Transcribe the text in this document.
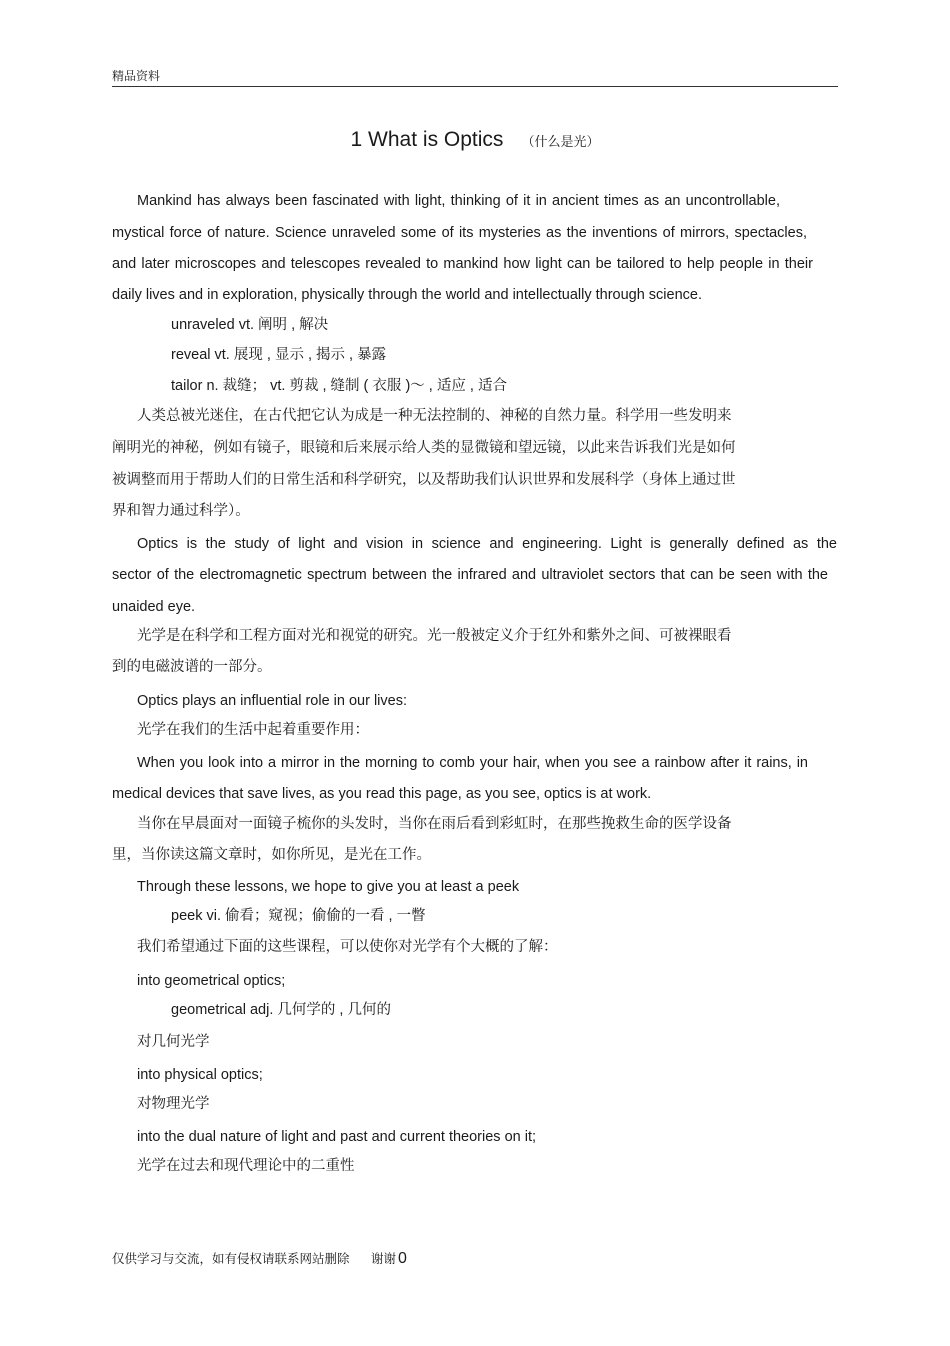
精品资料
1 What is Optics （什么是光）
Mankind has always been fascinated with light, thinking of it in ancient times as an uncontrollable,
mystical force of nature. Science unraveled some of its mysteries as the inventions of mirrors, spectacles,
and later microscopes and telescopes revealed to mankind how light can be tailored to help people in their
daily lives and in exploration, physically through the world and intellectually through science.
unraveled vt. 阐明 , 解决
reveal vt. 展现 , 显示 , 揭示 , 暴露
tailor n. 裁缝； vt. 剪裁 , 缝制 ( 衣服 )～ , 适应 , 适合
人类总被光迷住，在古代把它认为成是一种无法控制的、神秘的自然力量。科学用一些发明来
阐明光的神秘，例如有镜子，眼镜和后来展示给人类的显微镜和望远镜，以此来告诉我们光是如何
被调整而用于帮助人们的日常生活和科学研究，以及帮助我们认识世界和发展科学（身体上通过世
界和智力通过科学）。
Optics is the study of light and vision in science and engineering. Light is generally defined as the
sector of the electromagnetic spectrum between the infrared and ultraviolet sectors that can be seen with the
unaided eye.
光学是在科学和工程方面对光和视觉的研究。光一般被定义介于红外和紫外之间、可被裸眼看
到的电磁波谱的一部分。
Optics plays an influential role in our lives:
光学在我们的生活中起着重要作用：
When you look into a mirror in the morning to comb your hair, when you see a rainbow after it rains, in
medical devices that save lives, as you read this page, as you see, optics is at work.
当你在早晨面对一面镜子梳你的头发时，当你在雨后看到彩虹时，在那些挽救生命的医学设备
里，当你读这篇文章时，如你所见，是光在工作。
Through these lessons, we hope to give you at least a peek
peek vi. 偷看；窥视；偷偷的一看 , 一瞥
我们希望通过下面的这些课程，可以使你对光学有个大概的了解：
into geometrical optics;
geometrical adj. 几何学的 , 几何的
对几何光学
into physical optics;
对物理光学
into the dual nature of light and past and current theories on it;
光学在过去和现代理论中的二重性
仅供学习与交流，如有侵权请联系网站删除 谢谢 0
